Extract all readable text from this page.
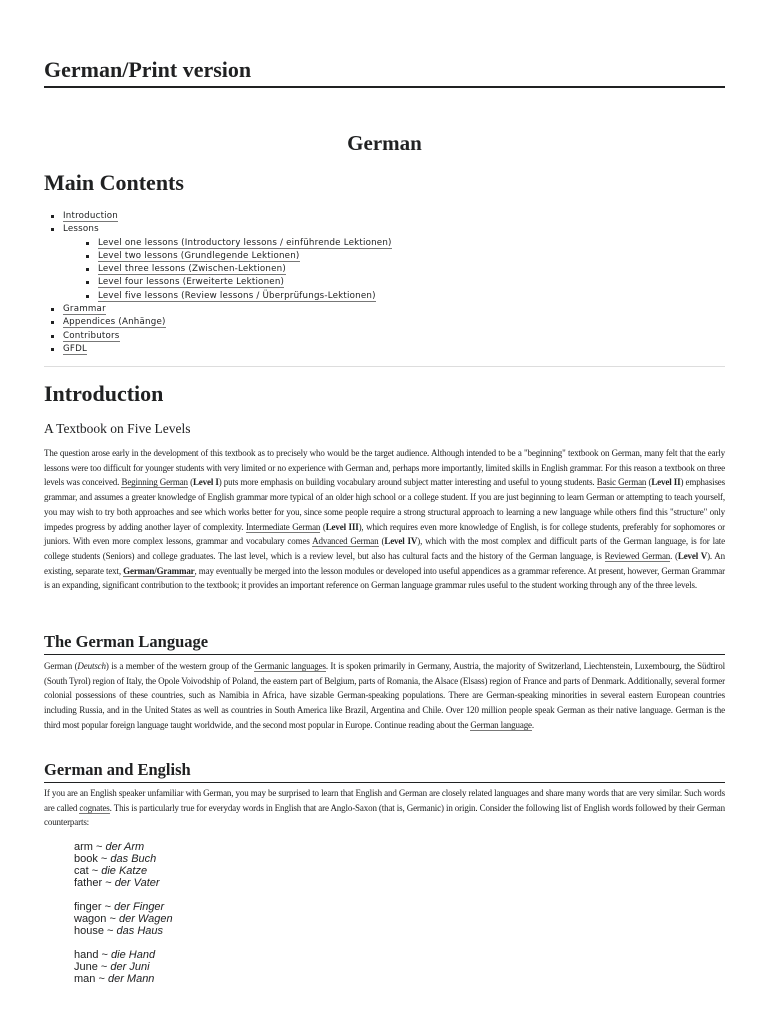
German/Print version
German
Main Contents
Introduction
Lessons
Level one lessons (Introductory lessons / einführende Lektionen)
Level two lessons (Grundlegende Lektionen)
Level three lessons (Zwischen-Lektionen)
Level four lessons (Erweiterte Lektionen)
Level five lessons (Review lessons / Überprüfungs-Lektionen)
Grammar
Appendices (Anhänge)
Contributors
GFDL
Introduction
A Textbook on Five Levels

The question arose early in the development of this textbook as to precisely who would be the target audience. Although intended to be a "beginning" textbook on German, many felt that the early lessons were too difficult for younger students with very limited or no experience with German and, perhaps more importantly, limited skills in English grammar. For this reason a textbook on three levels was conceived. Beginning German (Level I) puts more emphasis on building vocabulary around subject matter interesting and useful to young students. Basic German (Level II) emphasises grammar, and assumes a greater knowledge of English grammar more typical of an older high school or a college student. If you are just beginning to learn German or attempting to teach yourself, you may wish to try both approaches and see which works better for you, since some people require a strong structural approach to learning a new language while others find this "structure" only impedes progress by adding another layer of complexity. Intermediate German (Level III), which requires even more knowledge of English, is for college students, preferably for sophomores or juniors. With even more complex lessons, grammar and vocabulary comes Advanced German (Level IV), which with the most complex and difficult parts of the German language, is for late college students (Seniors) and college graduates. The last level, which is a review level, but also has cultural facts and the history of the German language, is Reviewed German. (Level V). An existing, separate text, German/Grammar, may eventually be merged into the lesson modules or developed into useful appendices as a grammar reference. At present, however, German Grammar is an expanding, significant contribution to the textbook; it provides an important reference on German language grammar rules useful to the student working through any of the three levels.

The German Language

German (Deutsch) is a member of the western group of the Germanic languages. It is spoken primarily in Germany, Austria, the majority of Switzerland, Liechtenstein, Luxembourg, the Südtirol (South Tyrol) region of Italy, the Opole Voivodship of Poland, the eastern part of Belgium, parts of Romania, the Alsace (Elsass) region of France and parts of Denmark. Additionally, several former colonial possessions of these countries, such as Namibia in Africa, have sizable German-speaking populations. There are German-speaking minorities in several eastern European countries including Russia, and in the United States as well as countries in South America like Brazil, Argentina and Chile. Over 120 million people speak German as their native language. German is the third most popular foreign language taught worldwide, and the second most popular in Europe. Continue reading about the German language.

German and English

If you are an English speaker unfamiliar with German, you may be surprised to learn that English and German are closely related languages and share many words that are very similar. Such words are called cognates. This is particularly true for everyday words in English that are Anglo-Saxon (that is, Germanic) in origin. Consider the following list of English words followed by their German counterparts:

arm ~ der Arm
book ~ das Buch
cat ~ die Katze
father ~ der Vater
finger ~ der Finger
wagon ~ der Wagen
house ~ das Haus
hand ~ die Hand
June ~ der Juni
man ~ der Mann
